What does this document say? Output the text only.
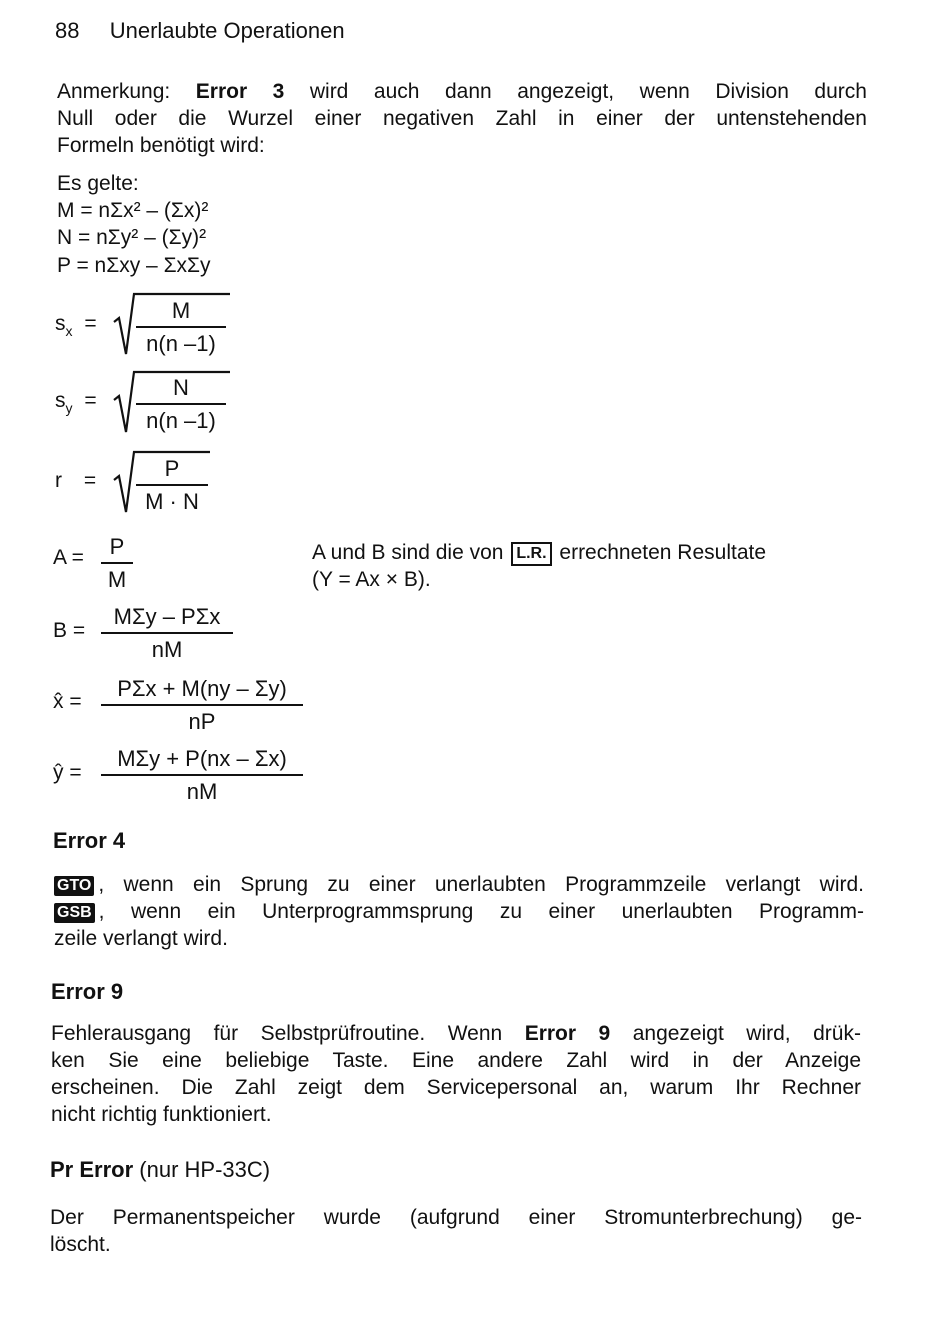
88 Unerlaubte Operationen
Anmerkung: Error 3 wird auch dann angezeigt, wenn Division durch
Null oder die Wurzel einer negativen Zahl in einer der untenstehenden
Formeln benötigt wird:
Es gelte:
M = nΣx² – (Σx)²
N = nΣy² – (Σy)²
P = nΣxy – ΣxΣy
$s_x = \frac{M}{n(n -1)}$
$s_y = \frac{N}{n(n -1)}$
$r = \frac{P}{M \cdot N}$
$A = \frac{P}{M}$	A und B sind die von L.R. errechneten Resultate
(Y = Ax × B).
B =
MΣy – PΣx
nM
x̂ =
PΣx + M(ny – Σy)
nP
ŷ =
MΣy + P(nx – Σx)
nM
Error 4
GTO , wenn ein Sprung zu einer unerlaubten Programmzeile verlangt wird.
GSB , wenn ein Unterprogrammsprung zu einer unerlaubten Programm-
zeile verlangt wird.
Error 9
Fehlerausgang für Selbstprüfroutine. Wenn Error 9 angezeigt wird, drük-
ken Sie eine beliebige Taste. Eine andere Zahl wird in der Anzeige
erscheinen. Die Zahl zeigt dem Servicepersonal an, warum Ihr Rechner
nicht richtig funktioniert.
Pr Error (nur HP-33C)
Der Permanentspeicher wurde (aufgrund einer Stromunterbrechung) ge-
löscht.
